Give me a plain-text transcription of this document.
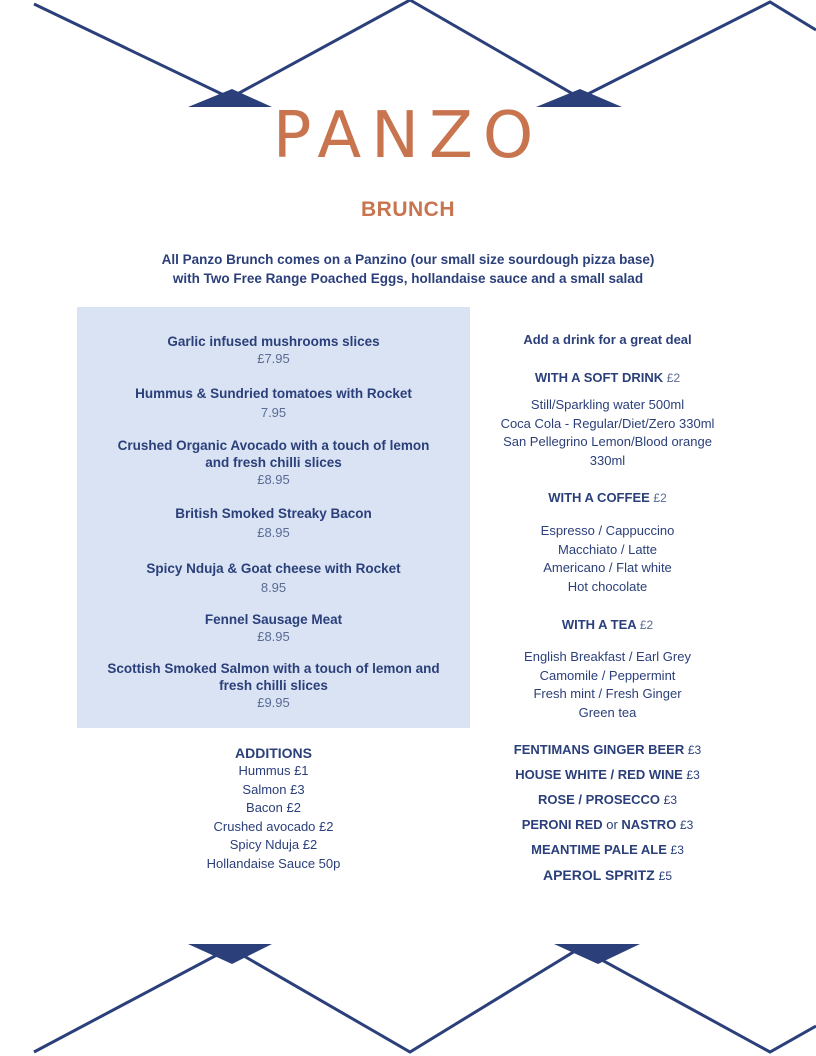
PANZO
BRUNCH
All Panzo Brunch comes on a Panzino (our small size sourdough pizza base)
with Two Free Range Poached Eggs, hollandaise sauce and a small salad
Garlic infused mushrooms slices
£7.95
Hummus & Sundried tomatoes with Rocket
7.95
Crushed Organic Avocado with a touch of lemon
and fresh chilli slices
£8.95
British Smoked Streaky Bacon
£8.95
Spicy Nduja & Goat cheese with Rocket
8.95
Fennel Sausage Meat
£8.95
Scottish Smoked Salmon with a touch of lemon and
fresh chilli slices
£9.95
ADDITIONS
Hummus £1
Salmon £3
Bacon £2
Crushed avocado £2
Spicy Nduja £2
Hollandaise Sauce 50p
Add a drink for a great deal
WITH A SOFT DRINK £2
Still/Sparkling water 500ml
Coca Cola - Regular/Diet/Zero 330ml
San Pellegrino Lemon/Blood orange
330ml
WITH A COFFEE £2
Espresso / Cappuccino
Macchiato / Latte
Americano / Flat white
Hot chocolate
WITH A TEA £2
English Breakfast / Earl Grey
Camomile / Peppermint
Fresh mint / Fresh Ginger
Green tea
FENTIMANS GINGER BEER £3
HOUSE WHITE / RED WINE £3
ROSE / PROSECCO £3
PERONI RED or NASTRO £3
MEANTIME PALE ALE £3
APEROL SPRITZ £5
